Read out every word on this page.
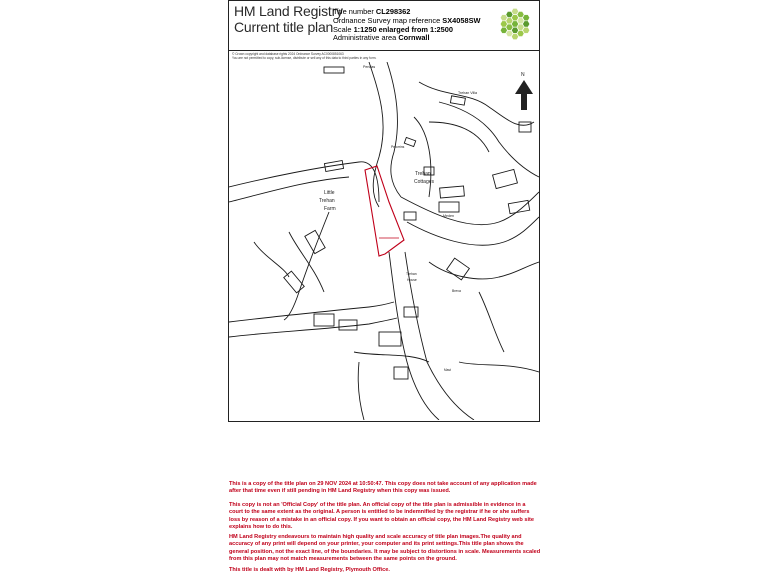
HM Land Registry
Current title plan
Title number CL298362
Ordnance Survey map reference SX4058SW
Scale 1:1250 enlarged from 1:2500
Administrative area Cornwall
© Crown copyright and database rights 2024 Ordnance Survey AC0000851063
You are not permitted to copy, sub-license, distribute or sell any of this data to third parties in any form.
N
Pendas
Trehan Villa
Pelorrins
Trehan
Cottages
Little
Trehan
Farm
Meden
Trehan
House
Breva
Mast
This is a copy of the title plan on 29 NOV 2024 at 10:50:47. This copy does not take account of any application made after that time even if still pending in HM Land Registry when this copy was issued.
This copy is not an 'Official Copy' of the title plan. An official copy of the title plan is admissible in evidence in a court to the same extent as the original. A person is entitled to be indemnified by the registrar if he or she suffers loss by reason of a mistake in an official copy. If you want to obtain an official copy, the HM Land Registry web site explains how to do this.
HM Land Registry endeavours to maintain high quality and scale accuracy of title plan images.The quality and accuracy of any print will depend on your printer, your computer and its print settings.This title plan shows the general position, not the exact line, of the boundaries. It may be subject to distortions in scale. Measurements scaled from this plan may not match measurements between the same points on the ground.
This title is dealt with by HM Land Registry, Plymouth Office.
